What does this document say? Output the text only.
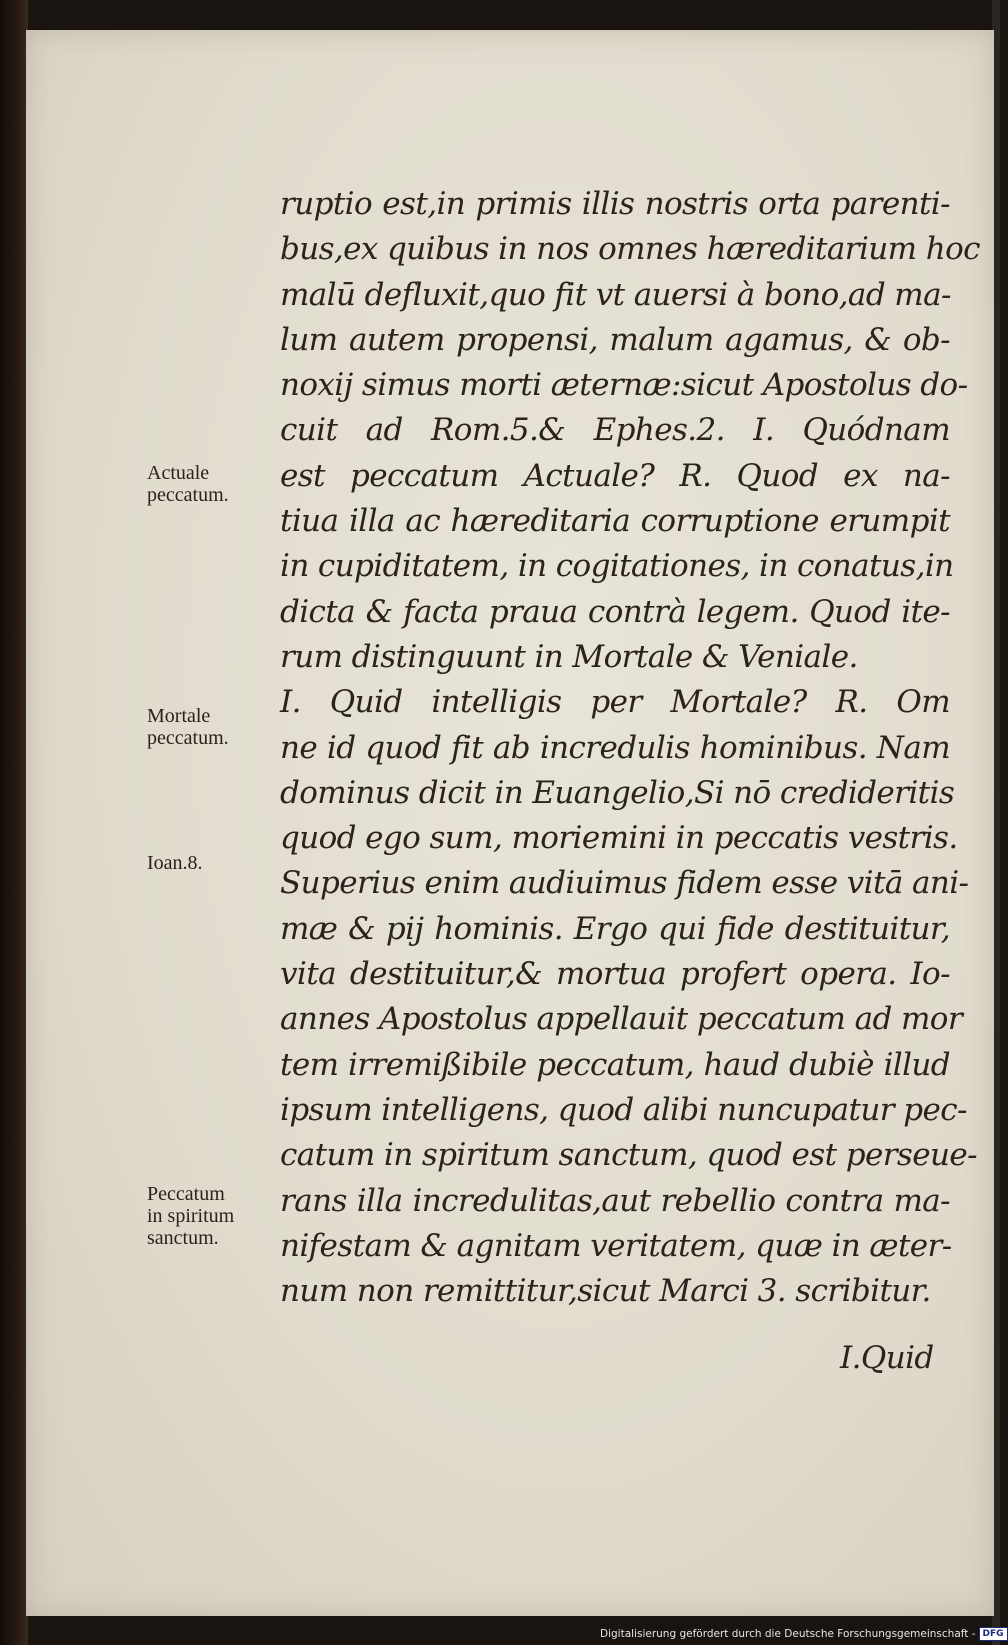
ruptio est,in primis illis nostris orta parenti-
bus,ex quibus in nos omnes hæreditarium hoc
malū defluxit,quo fit vt auersi à bono,ad ma-
lum autem propensi, malum agamus, & ob-
noxij simus morti æternæ:sicut Apostolus do-
cuit ad Rom.5.& Ephes.2. I. Quódnam
est peccatum Actuale? R. Quod ex na-
tiua illa ac hæreditaria corruptione erumpit
in cupiditatem, in cogitationes, in conatus,in
dicta & facta praua contrà legem. Quod ite-
rum distinguunt in Mortale & Veniale.
I. Quid intelligis per Mortale? R. Om
ne id quod fit ab incredulis hominibus. Nam
dominus dicit in Euangelio,Si nō credideritis
quod ego sum, moriemini in peccatis vestris.
Superius enim audiuimus fidem esse vitā ani-
mæ & pij hominis. Ergo qui fide destituitur,
vita destituitur,& mortua profert opera. Io-
annes Apostolus appellauit peccatum ad mor
tem irremißibile peccatum, haud dubiè illud
ipsum intelligens, quod alibi nuncupatur pec-
catum in spiritum sanctum, quod est perseue-
rans illa incredulitas,aut rebellio contra ma-
nifestam & agnitam veritatem, quæ in æter-
num non remittitur,sicut Marci 3. scribitur.
I.Quid
Actuale
peccatum.
Mortale
peccatum.
Ioan.8.
Peccatum
in spiritum
sanctum.
Digitalisierung gefördert durch die Deutsche Forschungsgemeinschaft - DFG
